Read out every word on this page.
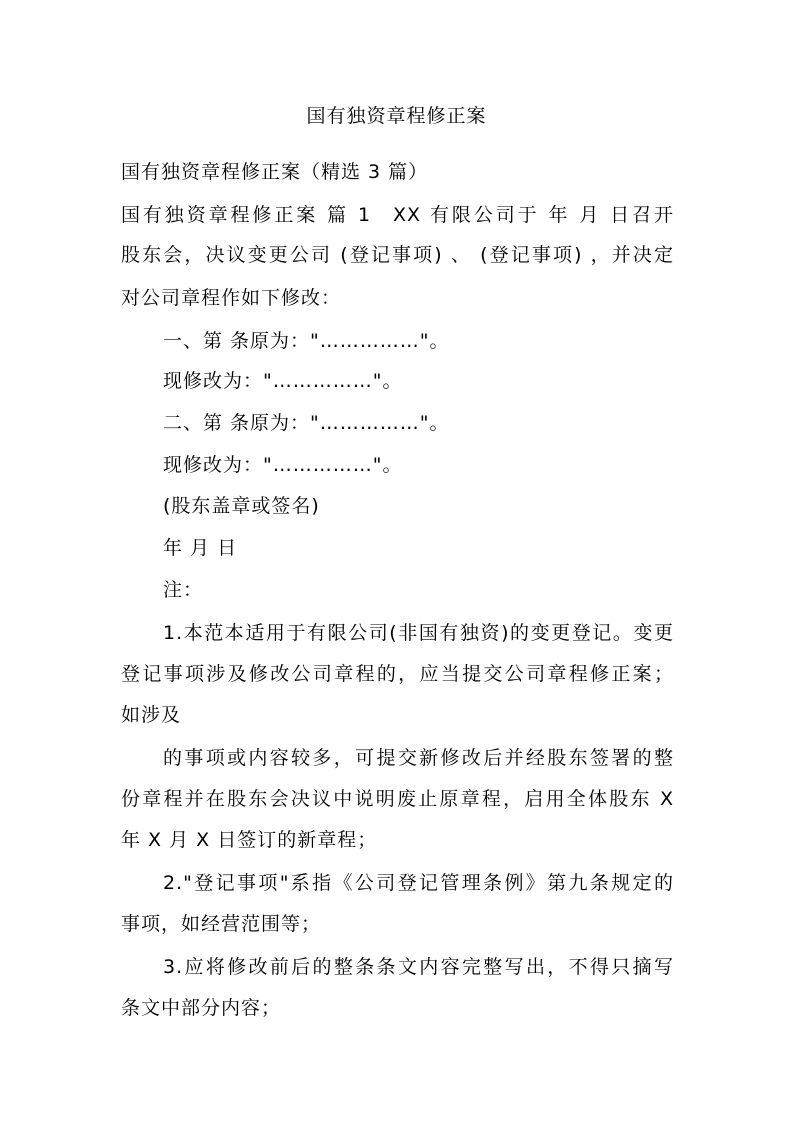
国有独资章程修正案
国有独资章程修正案（精选 3 篇）
国有独资章程修正案 篇 1 XX 有限公司于 年 月 日召开
股东会，决议变更公司 (登记事项) 、 (登记事项) ，并决定
对公司章程作如下修改：
一、第 条原为："……………"。
现修改为："……………"。
二、第 条原为："……………"。
现修改为："……………"。
(股东盖章或签名)
年 月 日
注：
1.本范本适用于有限公司(非国有独资)的变更登记。变更
登记事项涉及修改公司章程的，应当提交公司章程修正案；
如涉及
的事项或内容较多，可提交新修改后并经股东签署的整
份章程并在股东会决议中说明废止原章程，启用全体股东 X
年 X 月 X 日签订的新章程；
2."登记事项"系指《公司登记管理条例》第九条规定的
事项，如经营范围等；
3.应将修改前后的整条条文内容完整写出，不得只摘写
条文中部分内容；
